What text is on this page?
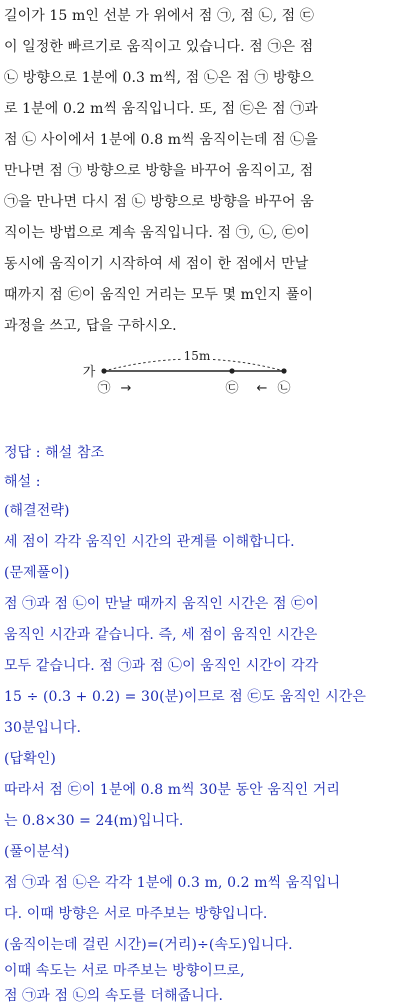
길이가 15 m인 선분 가 위에서 점 ㉠, 점 ㉡, 점 ㉢
이 일정한 빠르기로 움직이고 있습니다. 점 ㉠은 점
㉡ 방향으로 1분에 0.3 m씩, 점 ㉡은 점 ㉠ 방향으
로 1분에 0.2 m씩 움직입니다. 또, 점 ㉢은 점 ㉠과
점 ㉡ 사이에서 1분에 0.8 m씩 움직이는데 점 ㉡을
만나면 점 ㉠ 방향으로 방향을 바꾸어 움직이고, 점
㉠을 만나면 다시 점 ㉡ 방향으로 방향을 바꾸어 움
직이는 방법으로 계속 움직입니다. 점 ㉠, ㉡, ㉢이
동시에 움직이기 시작하여 세 점이 한 점에서 만날
때까지 점 ㉢이 움직인 거리는 모두 몇 m인지 풀이
과정을 쓰고, 답을 구하시오.
15m
가
㉠ →	㉢ ← ㉡
정답 : 해설 참조
해설 :
(해결전략)
세 점이 각각 움직인 시간의 관계를 이해합니다.
(문제풀이)
점 ㉠과 점 ㉡이 만날 때까지 움직인 시간은 점 ㉢이
움직인 시간과 같습니다. 즉, 세 점이 움직인 시간은
모두 같습니다. 점 ㉠과 점 ㉡이 움직인 시간이 각각
15 ÷ (0.3 + 0.2) = 30(분)이므로 점 ㉢도 움직인 시간은
30분입니다.
(답확인)
따라서 점 ㉢이 1분에 0.8 m씩 30분 동안 움직인 거리
는 0.8×30 = 24(m)입니다.
(풀이분석)
점 ㉠과 점 ㉡은 각각 1분에 0.3 m, 0.2 m씩 움직입니
다. 이때 방향은 서로 마주보는 방향입니다.
(움직이는데 걸린 시간)=(거리)÷(속도)입니다.
이때 속도는 서로 마주보는 방향이므로,
점 ㉠과 점 ㉡의 속도를 더해줍니다.
